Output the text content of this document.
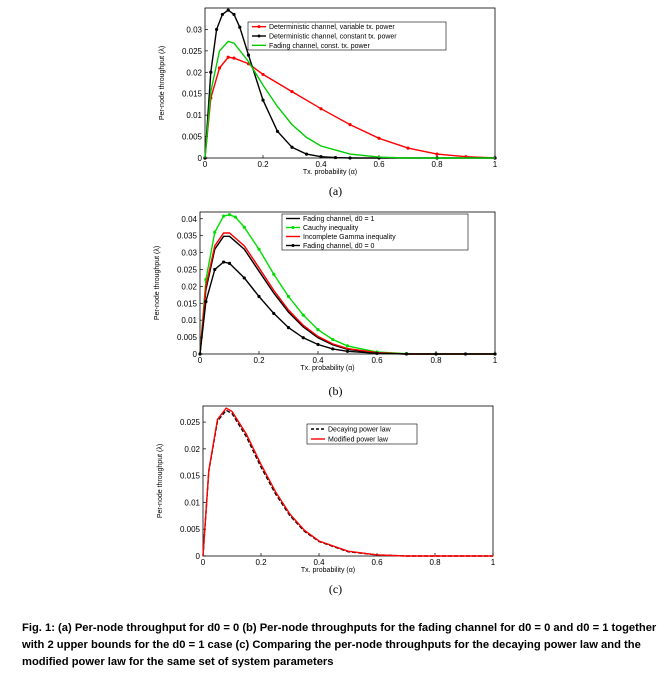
0	0.2	0.4	0.6	0.8	1
0
0.005
0.01
0.015
0.02
0.025
0.03
Tx. probability (α)
Per-node throughput (λ)
Deterministic channel, variable tx. power
Deterministic channel, constant tx. power
Fading channel, const. tx. power
(a)
0	0.2	0.4	0.6	0.8	1
0
0.005
0.01
0.015
0.02
0.025
0.03
0.035
0.04
Tx. probability (α)
Per-node throughput (λ)
Fading channel, d0 = 1
Cauchy inequality
Incomplete Gamma inequality
Fading channel, d0 = 0
(b)
0	0.2	0.4	0.6	0.8	1
0
0.005
0.01
0.015
0.02
0.025
Tx. probability (α)
Per-node throughput (λ)
Decaying power law
Modified power law
(c)
Fig. 1: (a) Per-node throughput for d0 = 0 (b) Per-node throughputs for the fading channel for d0 = 0 and d0 = 1 together with 2 upper bounds for the d0 = 1 case (c) Comparing the per-node throughputs for the decaying power law and the modified power law for the same set of system parameters
